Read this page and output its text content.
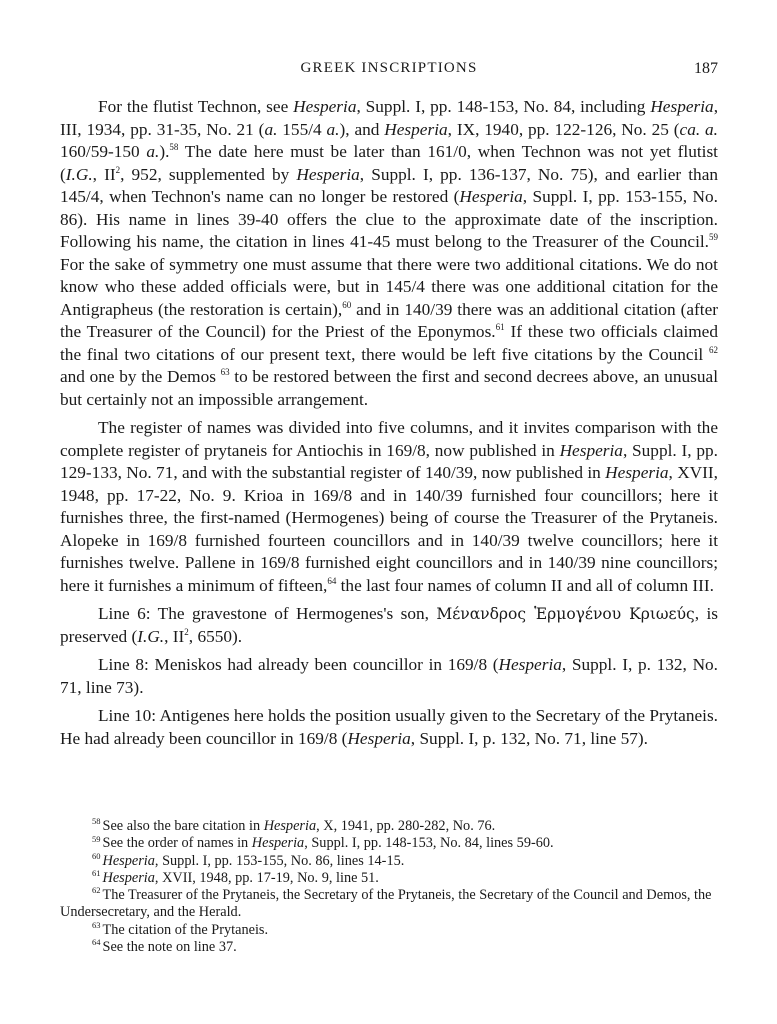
GREEK INSCRIPTIONS	187

For the flutist Technon, see Hesperia, Suppl. I, pp. 148-153, No. 84, including Hesperia, III, 1934, pp. 31-35, No. 21 (a. 155/4 a.), and Hesperia, IX, 1940, pp. 122-126, No. 25 (ca. a. 160/59-150 a.).$^{58}$ The date here must be later than 161/0, when Technon was not yet flutist (I.G., $II^2$, 952, supplemented by Hesperia, Suppl. I, pp. 136-137, No. 75), and earlier than 145/4, when Technon's name can no longer be restored (Hesperia, Suppl. I, pp. 153-155, No. 86). His name in lines 39-40 offers the clue to the approximate date of the inscription. Following his name, the citation in lines 41-45 must belong to the Treasurer of the Council.$^{59}$ For the sake of symmetry one must assume that there were two additional citations. We do not know who these added officials were, but in 145/4 there was one additional citation for the Antigrapheus (the restoration is certain),$^{60}$ and in 140/39 there was an additional citation (after the Treasurer of the Council) for the Priest of the Eponymos.$^{61}$ If these two officials claimed the final two citations of our present text, there would be left five citations by the Council $^{62}$ and one by the Demos $^{63}$ to be restored between the first and second decrees above, an unusual but certainly not an impossible arrangement.

The register of names was divided into five columns, and it invites comparison with the complete register of prytaneis for Antiochis in 169/8, now published in Hesperia, Suppl. I, pp. 129-133, No. 71, and with the substantial register of 140/39, now published in Hesperia, XVII, 1948, pp. 17-22, No. 9. Krioa in 169/8 and in 140/39 furnished four councillors; here it furnishes three, the first-named (Hermogenes) being of course the Treasurer of the Prytaneis. Alopeke in 169/8 furnished fourteen councillors and in 140/39 twelve councillors; here it furnishes twelve. Pallene in 169/8 furnished eight councillors and in 140/39 nine councillors; here it furnishes a minimum of fifteen,$^{64}$ the last four names of column II and all of column III.

Line 6: The gravestone of Hermogenes's son, Μένανδρος Ἑρμογένου Κριωεύς, is preserved (I.G., $II^2$, 6550).

Line 8: Meniskos had already been councillor in 169/8 (Hesperia, Suppl. I, p. 132, No. 71, line 73).

Line 10: Antigenes here holds the position usually given to the Secretary of the Prytaneis. He had already been councillor in 169/8 (Hesperia, Suppl. I, p. 132, No. 71, line 57).

$^{58}$ See also the bare citation in Hesperia, X, 1941, pp. 280-282, No. 76.

$^{59}$ See the order of names in Hesperia, Suppl. I, pp. 148-153, No. 84, lines 59-60.

$^{60}$ Hesperia, Suppl. I, pp. 153-155, No. 86, lines 14-15.

$^{61}$ Hesperia, XVII, 1948, pp. 17-19, No. 9, line 51.

$^{62}$ The Treasurer of the Prytaneis, the Secretary of the Prytaneis, the Secretary of the Council and Demos, the Undersecretary, and the Herald.

$^{63}$ The citation of the Prytaneis.

$^{64}$ See the note on line 37.
